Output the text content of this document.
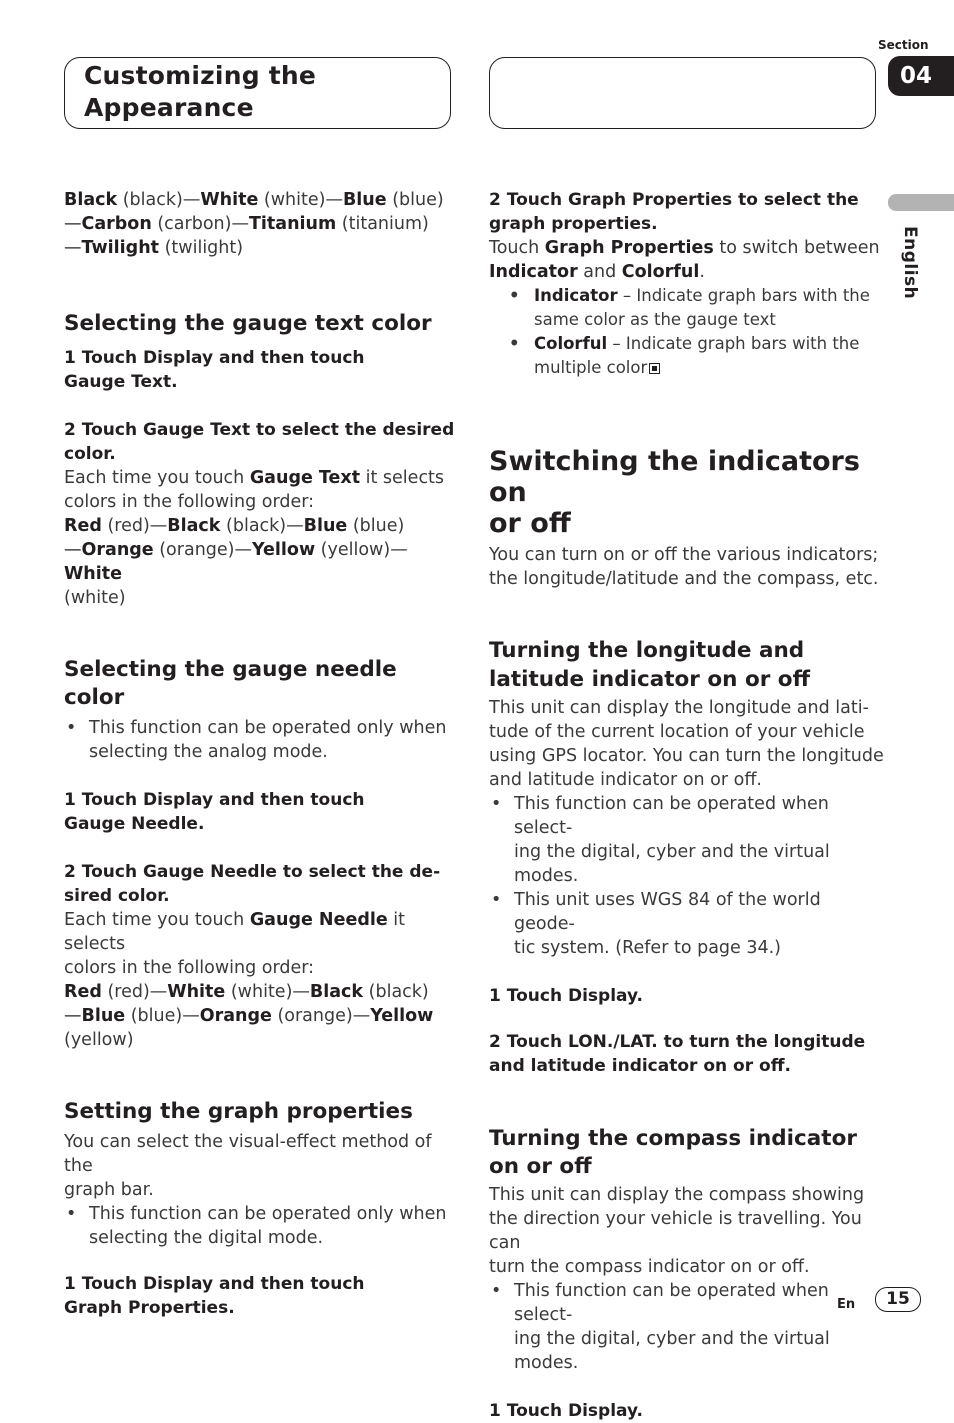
Customizing the
Appearance
Section
04
English

Black (black)—White (white)—Blue (blue)
—Carbon (carbon)—Titanium (titanium)
—Twilight (twilight)

Selecting the gauge text color

1 Touch Display and then touch
Gauge Text.

2 Touch Gauge Text to select the desired
color.

Each time you touch Gauge Text it selects
colors in the following order:

Red (red)—Black (black)—Blue (blue)
—Orange (orange)—Yellow (yellow)—White
(white)

Selecting the gauge needle color

• This function can be operated only when
selecting the analog mode.

1 Touch Display and then touch
Gauge Needle.

2 Touch Gauge Needle to select the de-
sired color.

Each time you touch Gauge Needle it selects
colors in the following order:

Red (red)—White (white)—Black (black)
—Blue (blue)—Orange (orange)—Yellow
(yellow)

Setting the graph properties

You can select the visual-effect method of the
graph bar.

• This function can be operated only when
selecting the digital mode.

1 Touch Display and then touch
Graph Properties.

2 Touch Graph Properties to select the
graph properties.

Touch Graph Properties to switch between
Indicator and Colorful.

• Indicator – Indicate graph bars with the
same color as the gauge text

• Colorful – Indicate graph bars with the
multiple color

Switching the indicators on
or off

You can turn on or off the various indicators;
the longitude/latitude and the compass, etc.

Turning the longitude and
latitude indicator on or off

This unit can display the longitude and lati-
tude of the current location of your vehicle
using GPS locator. You can turn the longitude
and latitude indicator on or off.

• This function can be operated when select-
ing the digital, cyber and the virtual modes.

• This unit uses WGS 84 of the world geode-
tic system. (Refer to page 34.)

1 Touch Display.

2 Touch LON./LAT. to turn the longitude
and latitude indicator on or off.

Turning the compass indicator
on or off

This unit can display the compass showing
the direction your vehicle is travelling. You can
turn the compass indicator on or off.

• This function can be operated when select-
ing the digital, cyber and the virtual modes.

1 Touch Display.

En	15
